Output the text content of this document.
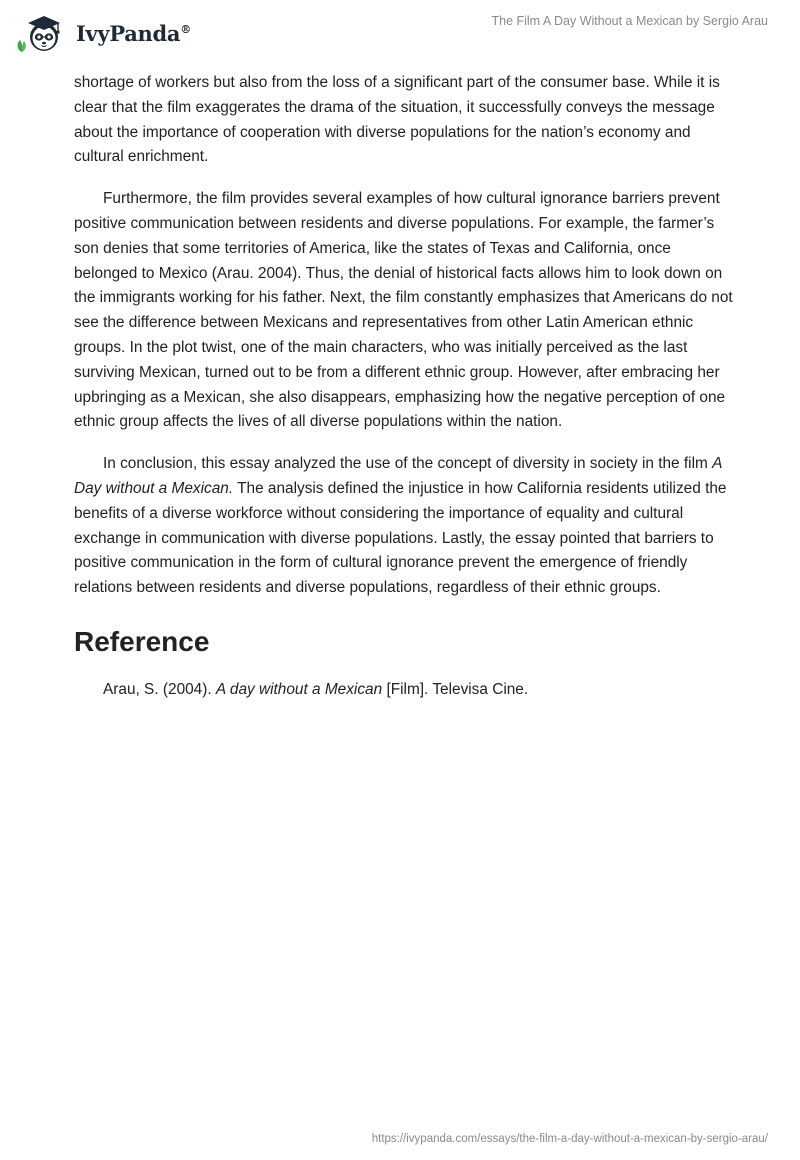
IvyPanda®
The Film A Day Without a Mexican by Sergio Arau

shortage of workers but also from the loss of a significant part of the consumer base. While it is clear that the film exaggerates the drama of the situation, it successfully conveys the message about the importance of cooperation with diverse populations for the nation’s economy and cultural enrichment.

Furthermore, the film provides several examples of how cultural ignorance barriers prevent positive communication between residents and diverse populations. For example, the farmer’s son denies that some territories of America, like the states of Texas and California, once belonged to Mexico (Arau. 2004). Thus, the denial of historical facts allows him to look down on the immigrants working for his father. Next, the film constantly emphasizes that Americans do not see the difference between Mexicans and representatives from other Latin American ethnic groups. In the plot twist, one of the main characters, who was initially perceived as the last surviving Mexican, turned out to be from a different ethnic group. However, after embracing her upbringing as a Mexican, she also disappears, emphasizing how the negative perception of one ethnic group affects the lives of all diverse populations within the nation.

In conclusion, this essay analyzed the use of the concept of diversity in society in the film A Day without a Mexican. The analysis defined the injustice in how California residents utilized the benefits of a diverse workforce without considering the importance of equality and cultural exchange in communication with diverse populations. Lastly, the essay pointed that barriers to positive communication in the form of cultural ignorance prevent the emergence of friendly relations between residents and diverse populations, regardless of their ethnic groups.

Reference

Arau, S. (2004). A day without a Mexican [Film]. Televisa Cine.

https://ivypanda.com/essays/the-film-a-day-without-a-mexican-by-sergio-arau/
